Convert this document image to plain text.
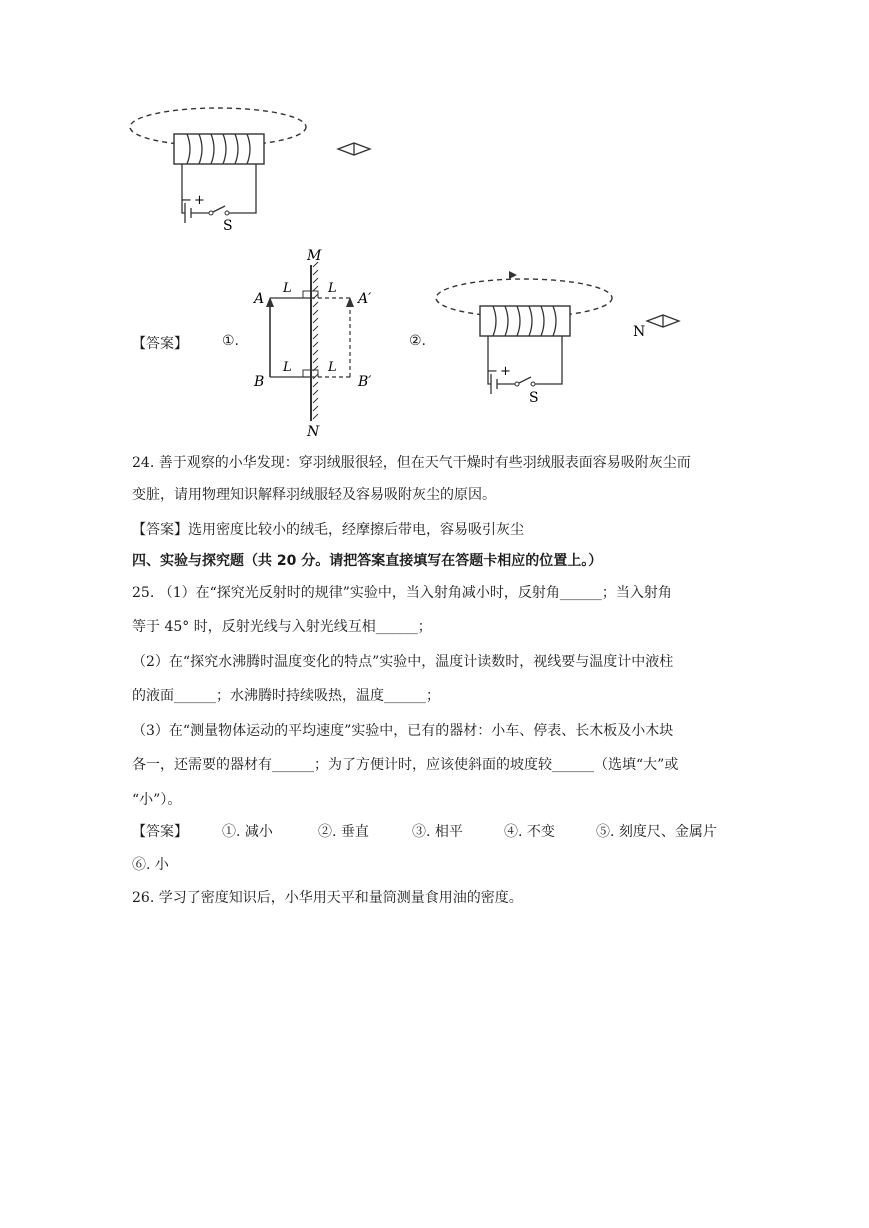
− +
S
【答案】 ①.
M
N
A
B
A′
B′
L	L
L	L
②.
− +
S
N
24. 善于观察的小华发现：穿羽绒服很轻，但在天气干燥时有些羽绒服表面容易吸附灰尘而
变脏，请用物理知识解释羽绒服轻及容易吸附灰尘的原因。
【答案】选用密度比较小的绒毛，经摩擦后带电，容易吸引灰尘
四、实验与探究题（共 20 分。请把答案直接填写在答题卡相应的位置上。）
25. （1）在“探究光反射时的规律”实验中，当入射角减小时，反射角______；当入射角
等于 45° 时，反射光线与入射光线互相______；
（2）在“探究水沸腾时温度变化的特点”实验中，温度计读数时，视线要与温度计中液柱
的液面______；水沸腾时持续吸热，温度______；
（3）在“测量物体运动的平均速度”实验中，已有的器材：小车、停表、长木板及小木块
各一，还需要的器材有______；为了方便计时，应该使斜面的坡度较______（选填“大”或
“小”）。
【答案】 ①. 减小	②. 垂直	③. 相平	④. 不变	⑤. 刻度尺、金属片
⑥. 小
26. 学习了密度知识后，小华用天平和量筒测量食用油的密度。
